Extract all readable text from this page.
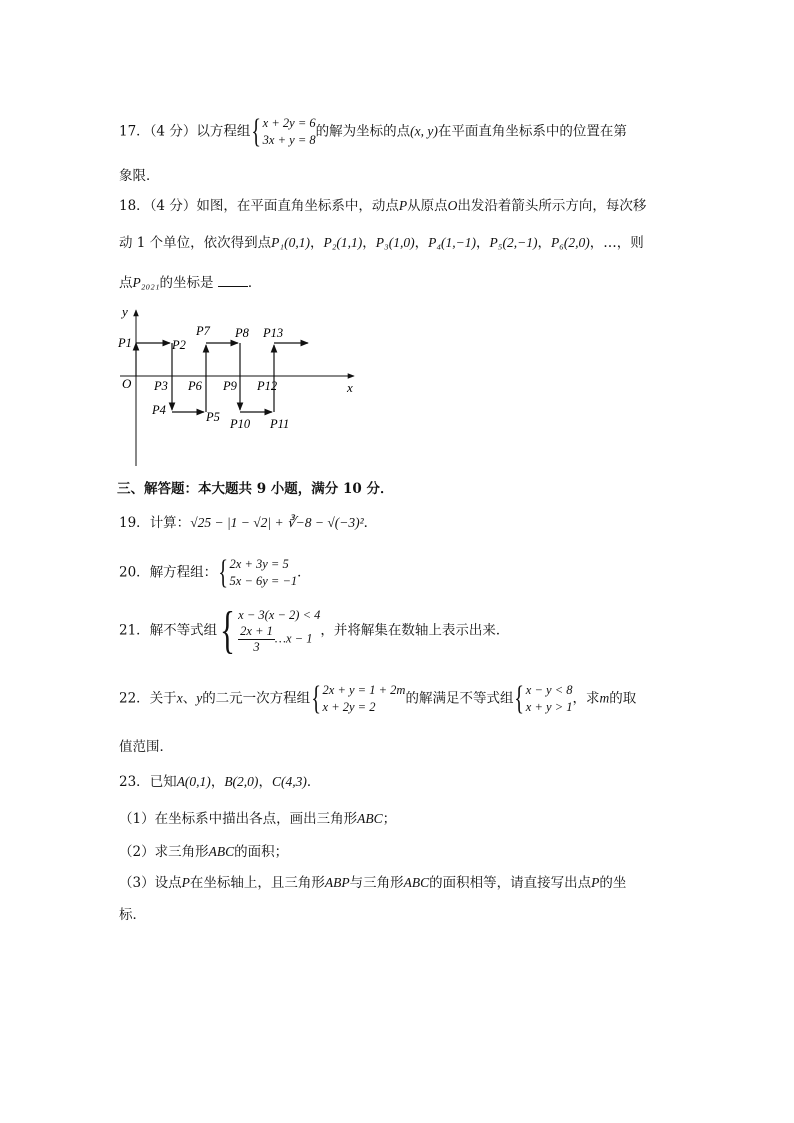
17．（4 分）以方程组 { x + 2y = 6
3x + y = 8
的解为坐标的点(x, y)在平面直角坐标系中的位置在第
象限．
18．（4 分）如图，在平面直角坐标系中，动点P从原点O出发沿着箭头所示方向，每次移
动 1 个单位，依次得到点P₁(0,1)，P₂(1,1)，P₃(1,0)，P₄(1,−1)，P₅(2,−1)，P₆(2,0)，…，则
点P₂₀₂₁的坐标是	．
y
x
O
P1	P2
P3
P4	P5
P6
P7 P8
P9
P10 P11
P12
P13
三、解答题：本大题共 9 小题，满分 10 分．
19．计算：√25 − |1 − √2| + ∛−8 − √(−3)²．
20．解方程组： { 2x + 3y = 5
5x − 6y = −1
．
21．解不等式组 { x − 3(x − 2) < 4
$\frac{2x + 1}{3}$ …x − 1 ，并将解集在数轴上表示出来．
22．关于x、y的二元一次方程组 { 2x + y = 1 + 2m
x + 2y = 2
的解满足不等式组 { x − y < 8
x + y > 1
，求m的取
值范围．
23．已知A(0,1)，B(2,0)，C(4,3)．
（1）在坐标系中描出各点，画出三角形ABC；
（2）求三角形ABC的面积；
（3）设点P在坐标轴上，且三角形ABP与三角形ABC的面积相等，请直接写出点P的坐
标．
